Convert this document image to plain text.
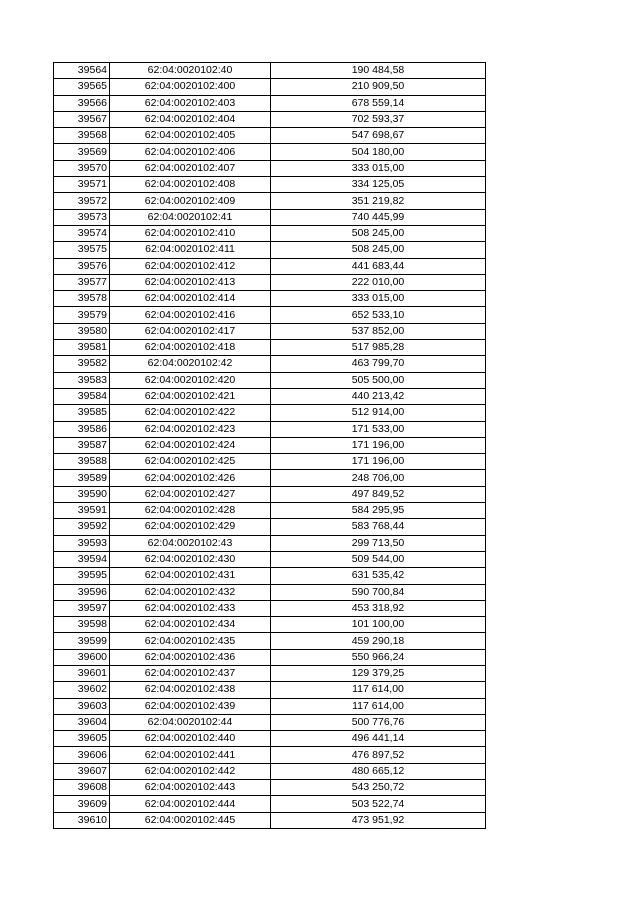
39564	62:04:0020102:40	190 484,58
39565	62:04:0020102:400	210 909,50
39566	62:04:0020102:403	678 559,14
39567	62:04:0020102:404	702 593,37
39568	62:04:0020102:405	547 698,67
39569	62:04:0020102:406	504 180,00
39570	62:04:0020102:407	333 015,00
39571	62:04:0020102:408	334 125,05
39572	62:04:0020102:409	351 219,82
39573	62:04:0020102:41	740 445,99
39574	62:04:0020102:410	508 245,00
39575	62:04:0020102:411	508 245,00
39576	62:04:0020102:412	441 683,44
39577	62:04:0020102:413	222 010,00
39578	62:04:0020102:414	333 015,00
39579	62:04:0020102:416	652 533,10
39580	62:04:0020102:417	537 852,00
39581	62:04:0020102:418	517 985,28
39582	62:04:0020102:42	463 799,70
39583	62:04:0020102:420	505 500,00
39584	62:04:0020102:421	440 213,42
39585	62:04:0020102:422	512 914,00
39586	62:04:0020102:423	171 533,00
39587	62:04:0020102:424	171 196,00
39588	62:04:0020102:425	171 196,00
39589	62:04:0020102:426	248 706,00
39590	62:04:0020102:427	497 849,52
39591	62:04:0020102:428	584 295,95
39592	62:04:0020102:429	583 768,44
39593	62:04:0020102:43	299 713,50
39594	62:04:0020102:430	509 544,00
39595	62:04:0020102:431	631 535,42
39596	62:04:0020102:432	590 700,84
39597	62:04:0020102:433	453 318,92
39598	62:04:0020102:434	101 100,00
39599	62:04:0020102:435	459 290,18
39600	62:04:0020102:436	550 966,24
39601	62:04:0020102:437	129 379,25
39602	62:04:0020102:438	117 614,00
39603	62:04:0020102:439	117 614,00
39604	62:04:0020102:44	500 776,76
39605	62:04:0020102:440	496 441,14
39606	62:04:0020102:441	476 897,52
39607	62:04:0020102:442	480 665,12
39608	62:04:0020102:443	543 250,72
39609	62:04:0020102:444	503 522,74
39610	62:04:0020102:445	473 951,92
